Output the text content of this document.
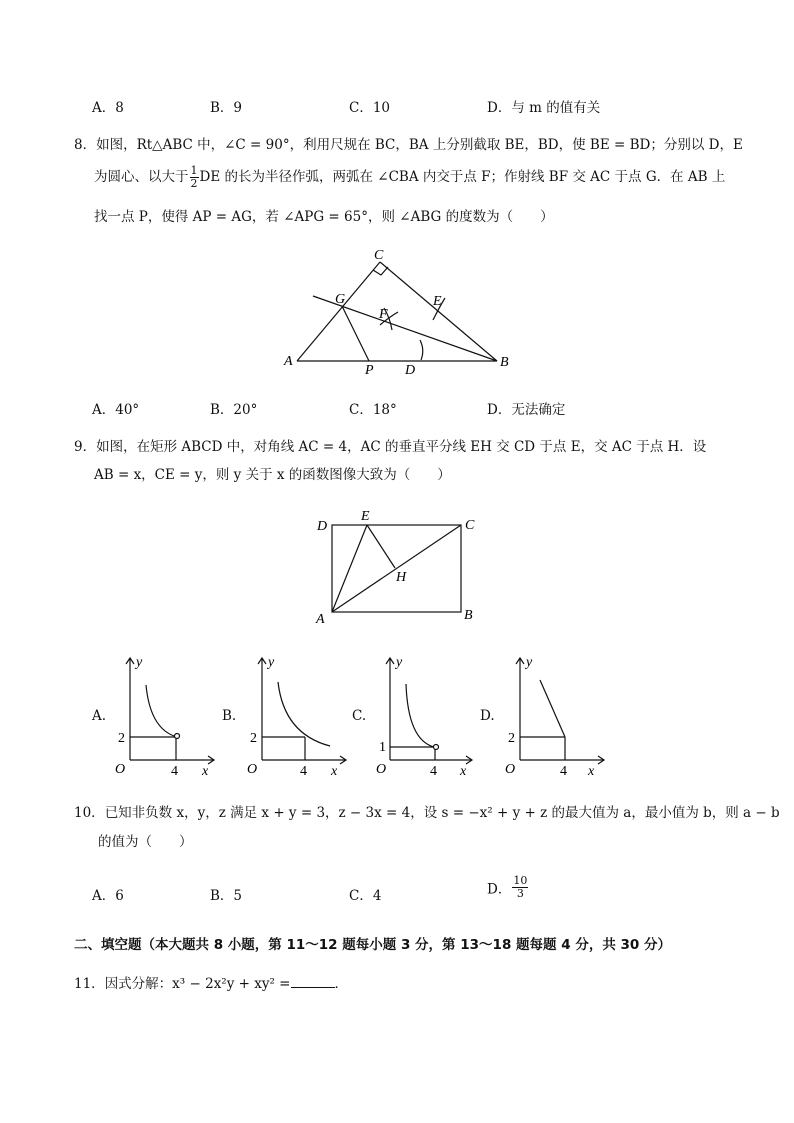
A．8	B．9	C．10	D．与 m 的值有关
8．如图，Rt△ABC 中，∠C = 90°，利用尺规在 BC，BA 上分别截取 BE，BD，使 BE = BD；分别以 D，E
为圆心、以大于 $\frac{1}{2}$ DE 的长为半径作弧，两弧在 ∠CBA 内交于点 F；作射线 BF 交 AC 于点 G．在 AB 上
找一点 P，使得 AP = AG，若 ∠APG = 65°，则 ∠ABG 的度数为（　　）
C
G	E
F
A
P D
B
A．40°	B．20°	C．18°	D．无法确定
9．如图，在矩形 ABCD 中，对角线 AC = 4，AC 的垂直平分线 EH 交 CD 于点 E，交 AC 于点 H．设
AB = x，CE = y，则 y 关于 x 的函数图像大致为（　　）
D
E
C
H
A	B
A.
y
2
O	4 x
B.
y
2
O	4 x
C.
y
1
O	4 x
D.
y
2
O	4 x
10．已知非负数 x，y，z 满足 x + y = 3，z − 3x = 4，设 s = −x² + y + z 的最大值为 a，最小值为 b，则 a − b
的值为（　　）
A．6	B．5	C．4	D． $\frac{10}{3}$
二、填空题（本大题共 8 小题，第 11～12 题每小题 3 分，第 13～18 题每题 4 分，共 30 分）
11．因式分解：x³ − 2x²y + xy² =	．
